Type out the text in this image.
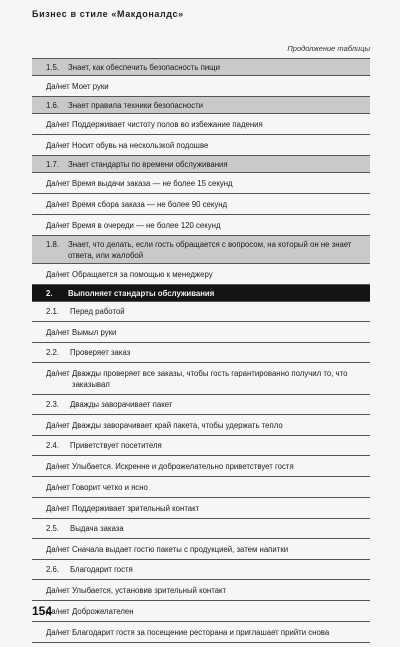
Бизнес в стиле «Макдоналдс»
Продолжение таблицы
1.5.	Знает, как обеспечить безопасность пищи
Да/нет Моет руки
1.6.	Знает правила техники безопасности
Да/нет Поддерживает чистоту полов во избежание падения
Да/нет Носит обувь на нескользкой подошве
1.7.	Знает стандарты по времени обслуживания
Да/нет Время выдачи заказа — не более 15 секунд
Да/нет Время сбора заказа — не более 90 секунд
Да/нет Время в очереди — не более 120 секунд
1.8.	Знает, что делать, если гость обращается с вопросом, на который он не знает ответа, или жалобой
Да/нет Обращается за помощью к менеджеру
2.	Выполняет стандарты обслуживания
2.1.	Перед работой
Да/нет Вымыл руки
2.2.	Проверяет заказ
Да/нет Дважды проверяет все заказы, чтобы гость гарантированно получил то, что заказывал
2.3.	Дважды заворачивает пакет
Да/нет Дважды заворачивает край пакета, чтобы удержать тепло
2.4.	Приветствует посетителя
Да/нет Улыбается. Искренне и доброжелательно приветствует гостя
Да/нет Говорит четко и ясно
Да/нет Поддерживает зрительный контакт
2.5.	Выдача заказа
Да/нет Сначала выдает гостю пакеты с продукцией, затем напитки
2.6.	Благодарит гостя
Да/нет Улыбается, установив зрительный контакт
Да/нет Доброжелателен
Да/нет Благодарит гостя за посещение ресторана и приглашает прийти снова
154
